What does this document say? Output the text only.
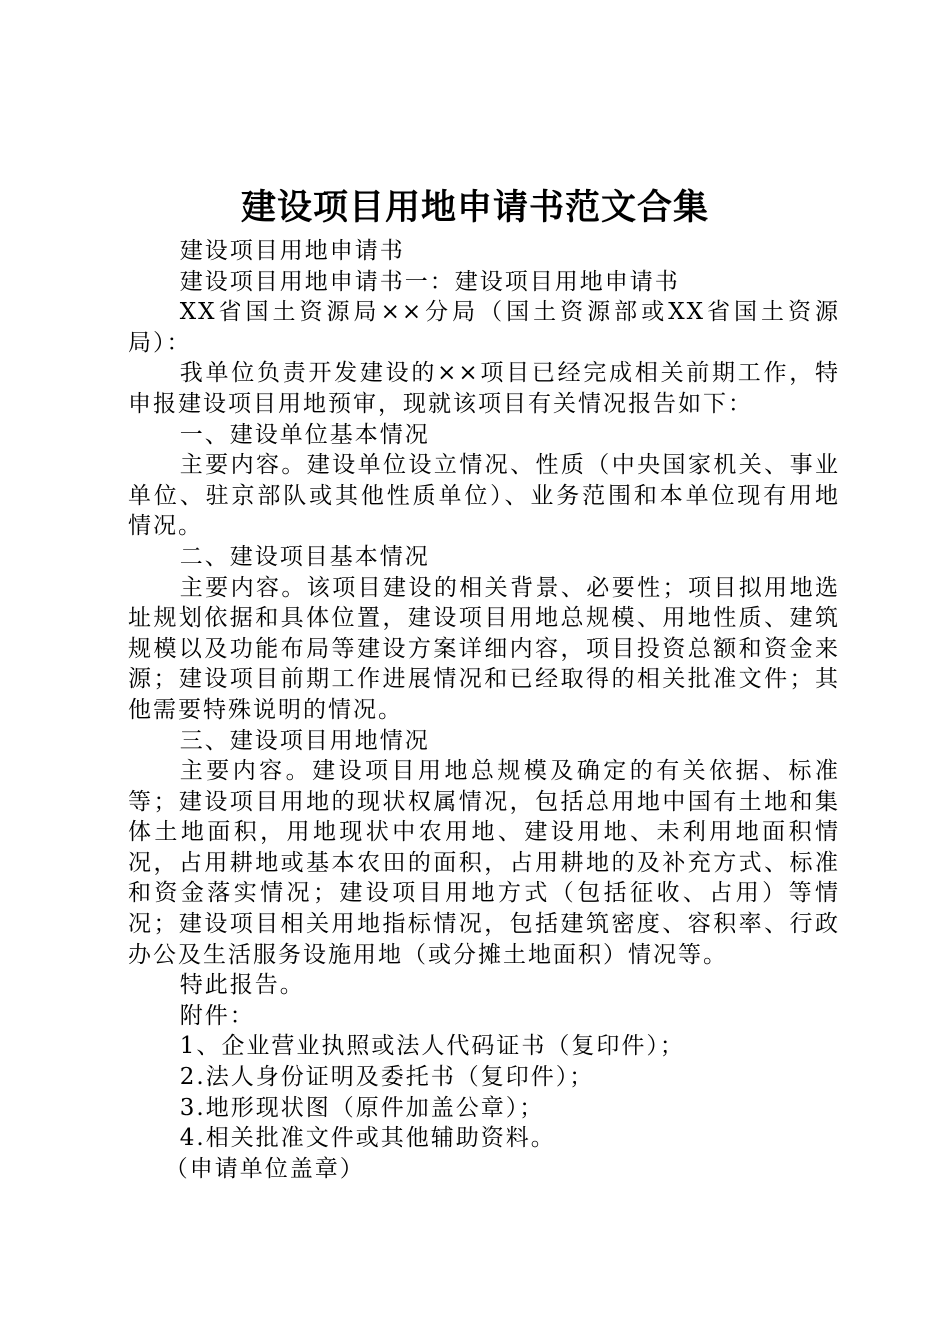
建设项目用地申请书范文合集

建设项目用地申请书

建设项目用地申请书一：建设项目用地申请书

XX省国土资源局××分局（国土资源部或XX省国土资源局）：

我单位负责开发建设的××项目已经完成相关前期工作，特申报建设项目用地预审，现就该项目有关情况报告如下：

一、建设单位基本情况

主要内容。建设单位设立情况、性质（中央国家机关、事业单位、驻京部队或其他性质单位）、业务范围和本单位现有用地情况。

二、建设项目基本情况

主要内容。该项目建设的相关背景、必要性；项目拟用地选址规划依据和具体位置，建设项目用地总规模、用地性质、建筑规模以及功能布局等建设方案详细内容，项目投资总额和资金来源；建设项目前期工作进展情况和已经取得的相关批准文件；其他需要特殊说明的情况。

三、建设项目用地情况

主要内容。建设项目用地总规模及确定的有关依据、标准等；建设项目用地的现状权属情况，包括总用地中国有土地和集体土地面积，用地现状中农用地、建设用地、未利用地面积情况，占用耕地或基本农田的面积，占用耕地的及补充方式、标准和资金落实情况；建设项目用地方式（包括征收、占用）等情况；建设项目相关用地指标情况，包括建筑密度、容积率、行政办公及生活服务设施用地（或分摊土地面积）情况等。

特此报告。

附件：

1、企业营业执照或法人代码证书（复印件）；

2.法人身份证明及委托书（复印件）；

3.地形现状图（原件加盖公章）；

4.相关批准文件或其他辅助资料。

（申请单位盖章）
